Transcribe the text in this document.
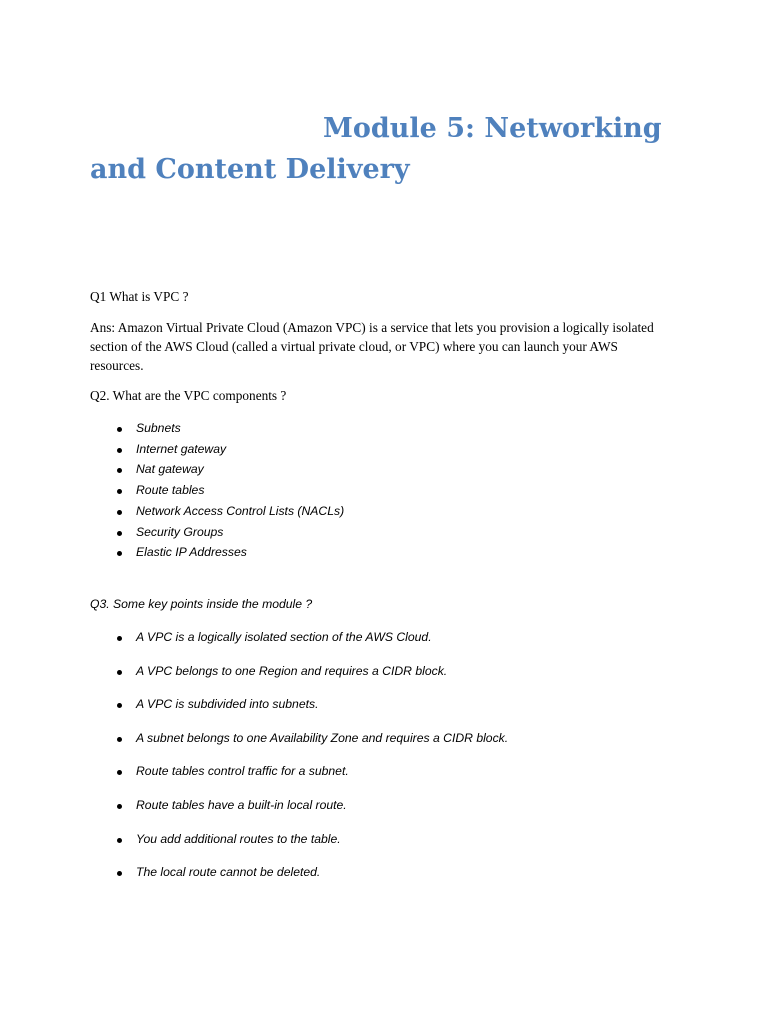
Module 5: Networking
and Content Delivery

Q1 What is VPC ?

Ans: Amazon Virtual Private Cloud (Amazon VPC) is a service that lets you provision a logically isolated section of the AWS Cloud (called a virtual private cloud, or VPC) where you can launch your AWS resources.

Q2. What are the VPC components ?

Subnets
Internet gateway
Nat gateway
Route tables
Network Access Control Lists (NACLs)
Security Groups
Elastic IP Addresses

Q3. Some key points inside the module ?

A VPC is a logically isolated section of the AWS Cloud.
A VPC belongs to one Region and requires a CIDR block.
A VPC is subdivided into subnets.
A subnet belongs to one Availability Zone and requires a CIDR block.
Route tables control traffic for a subnet.
Route tables have a built-in local route.
You add additional routes to the table.
The local route cannot be deleted.
